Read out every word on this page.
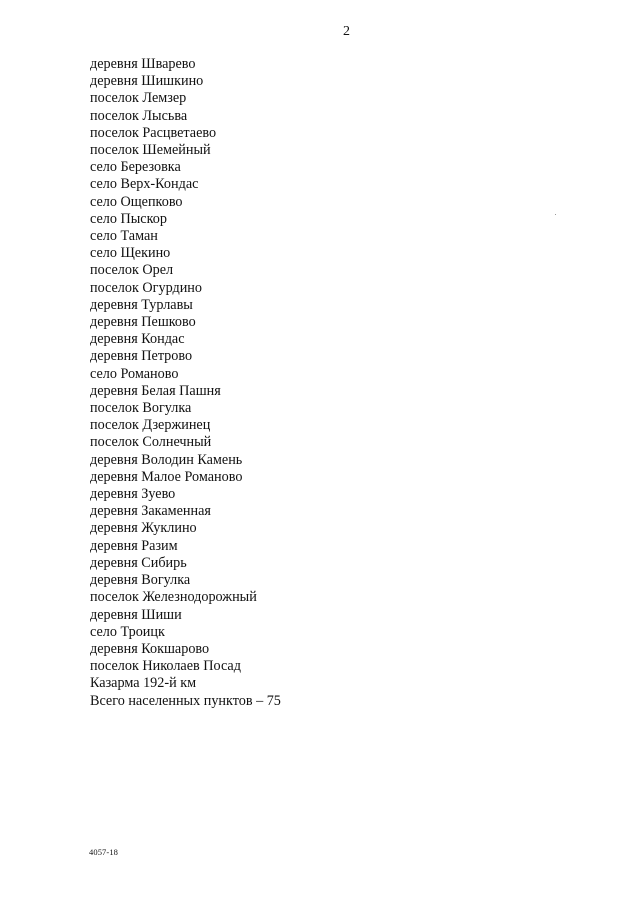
2
деревня Шварево
деревня Шишкино
поселок Лемзер
поселок Лысьва
поселок Расцветаево
поселок Шемейный
село Березовка
село Верх-Кондас
село Ощепково
село Пыскор
село Таман
село Щекино
поселок Орел
поселок Огурдино
деревня Турлавы
деревня Пешково
деревня Кондас
деревня Петрово
село Романово
деревня Белая Пашня
поселок Вогулка
поселок Дзержинец
поселок Солнечный
деревня Володин Камень
деревня Малое Романово
деревня Зуево
деревня Закаменная
деревня Жуклино
деревня Разим
деревня Сибирь
деревня Вогулка
поселок Железнодорожный
деревня Шиши
село Троицк
деревня Кокшарово
поселок Николаев Посад
Казарма 192-й км
Всего населенных пунктов – 75
4057-18
